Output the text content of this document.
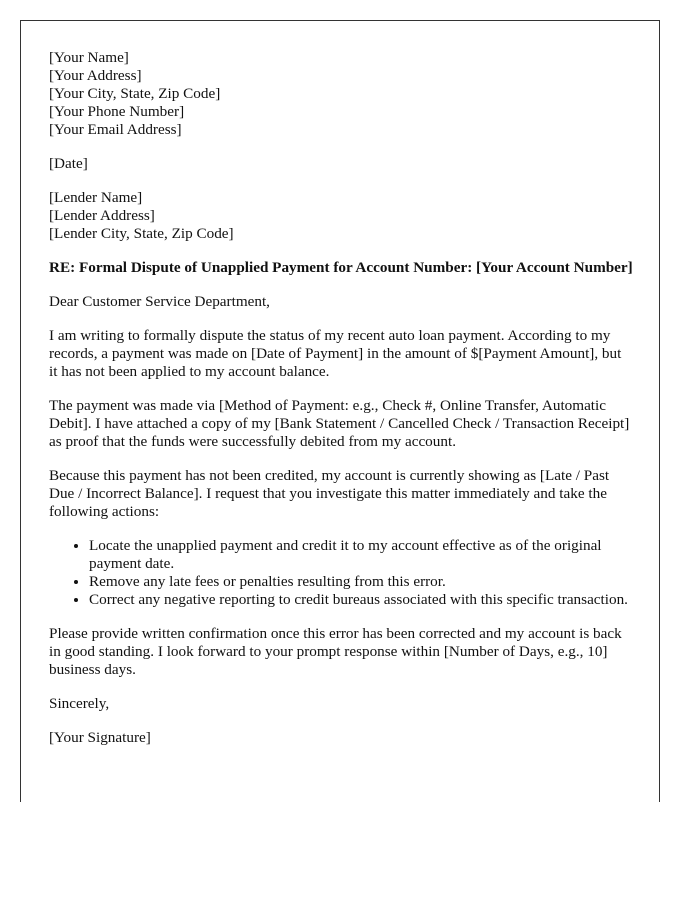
[Your Name]
[Your Address]
[Your City, State, Zip Code]
[Your Phone Number]
[Your Email Address]
[Date]
[Lender Name]
[Lender Address]
[Lender City, State, Zip Code]

RE: Formal Dispute of Unapplied Payment for Account Number: [Your Account Number]

Dear Customer Service Department,

I am writing to formally dispute the status of my recent auto loan payment. According to my records, a payment was made on [Date of Payment] in the amount of $[Payment Amount], but it has not been applied to my account balance.

The payment was made via [Method of Payment: e.g., Check #, Online Transfer, Automatic Debit]. I have attached a copy of my [Bank Statement / Cancelled Check / Transaction Receipt] as proof that the funds were successfully debited from my account.

Because this payment has not been credited, my account is currently showing as [Late / Past Due / Incorrect Balance]. I request that you investigate this matter immediately and take the following actions:

• Locate the unapplied payment and credit it to my account effective as of the original payment date.
• Remove any late fees or penalties resulting from this error.
• Correct any negative reporting to credit bureaus associated with this specific transaction.

Please provide written confirmation once this error has been corrected and my account is back in good standing. I look forward to your prompt response within [Number of Days, e.g., 10] business days.

Sincerely,

[Your Signature]
